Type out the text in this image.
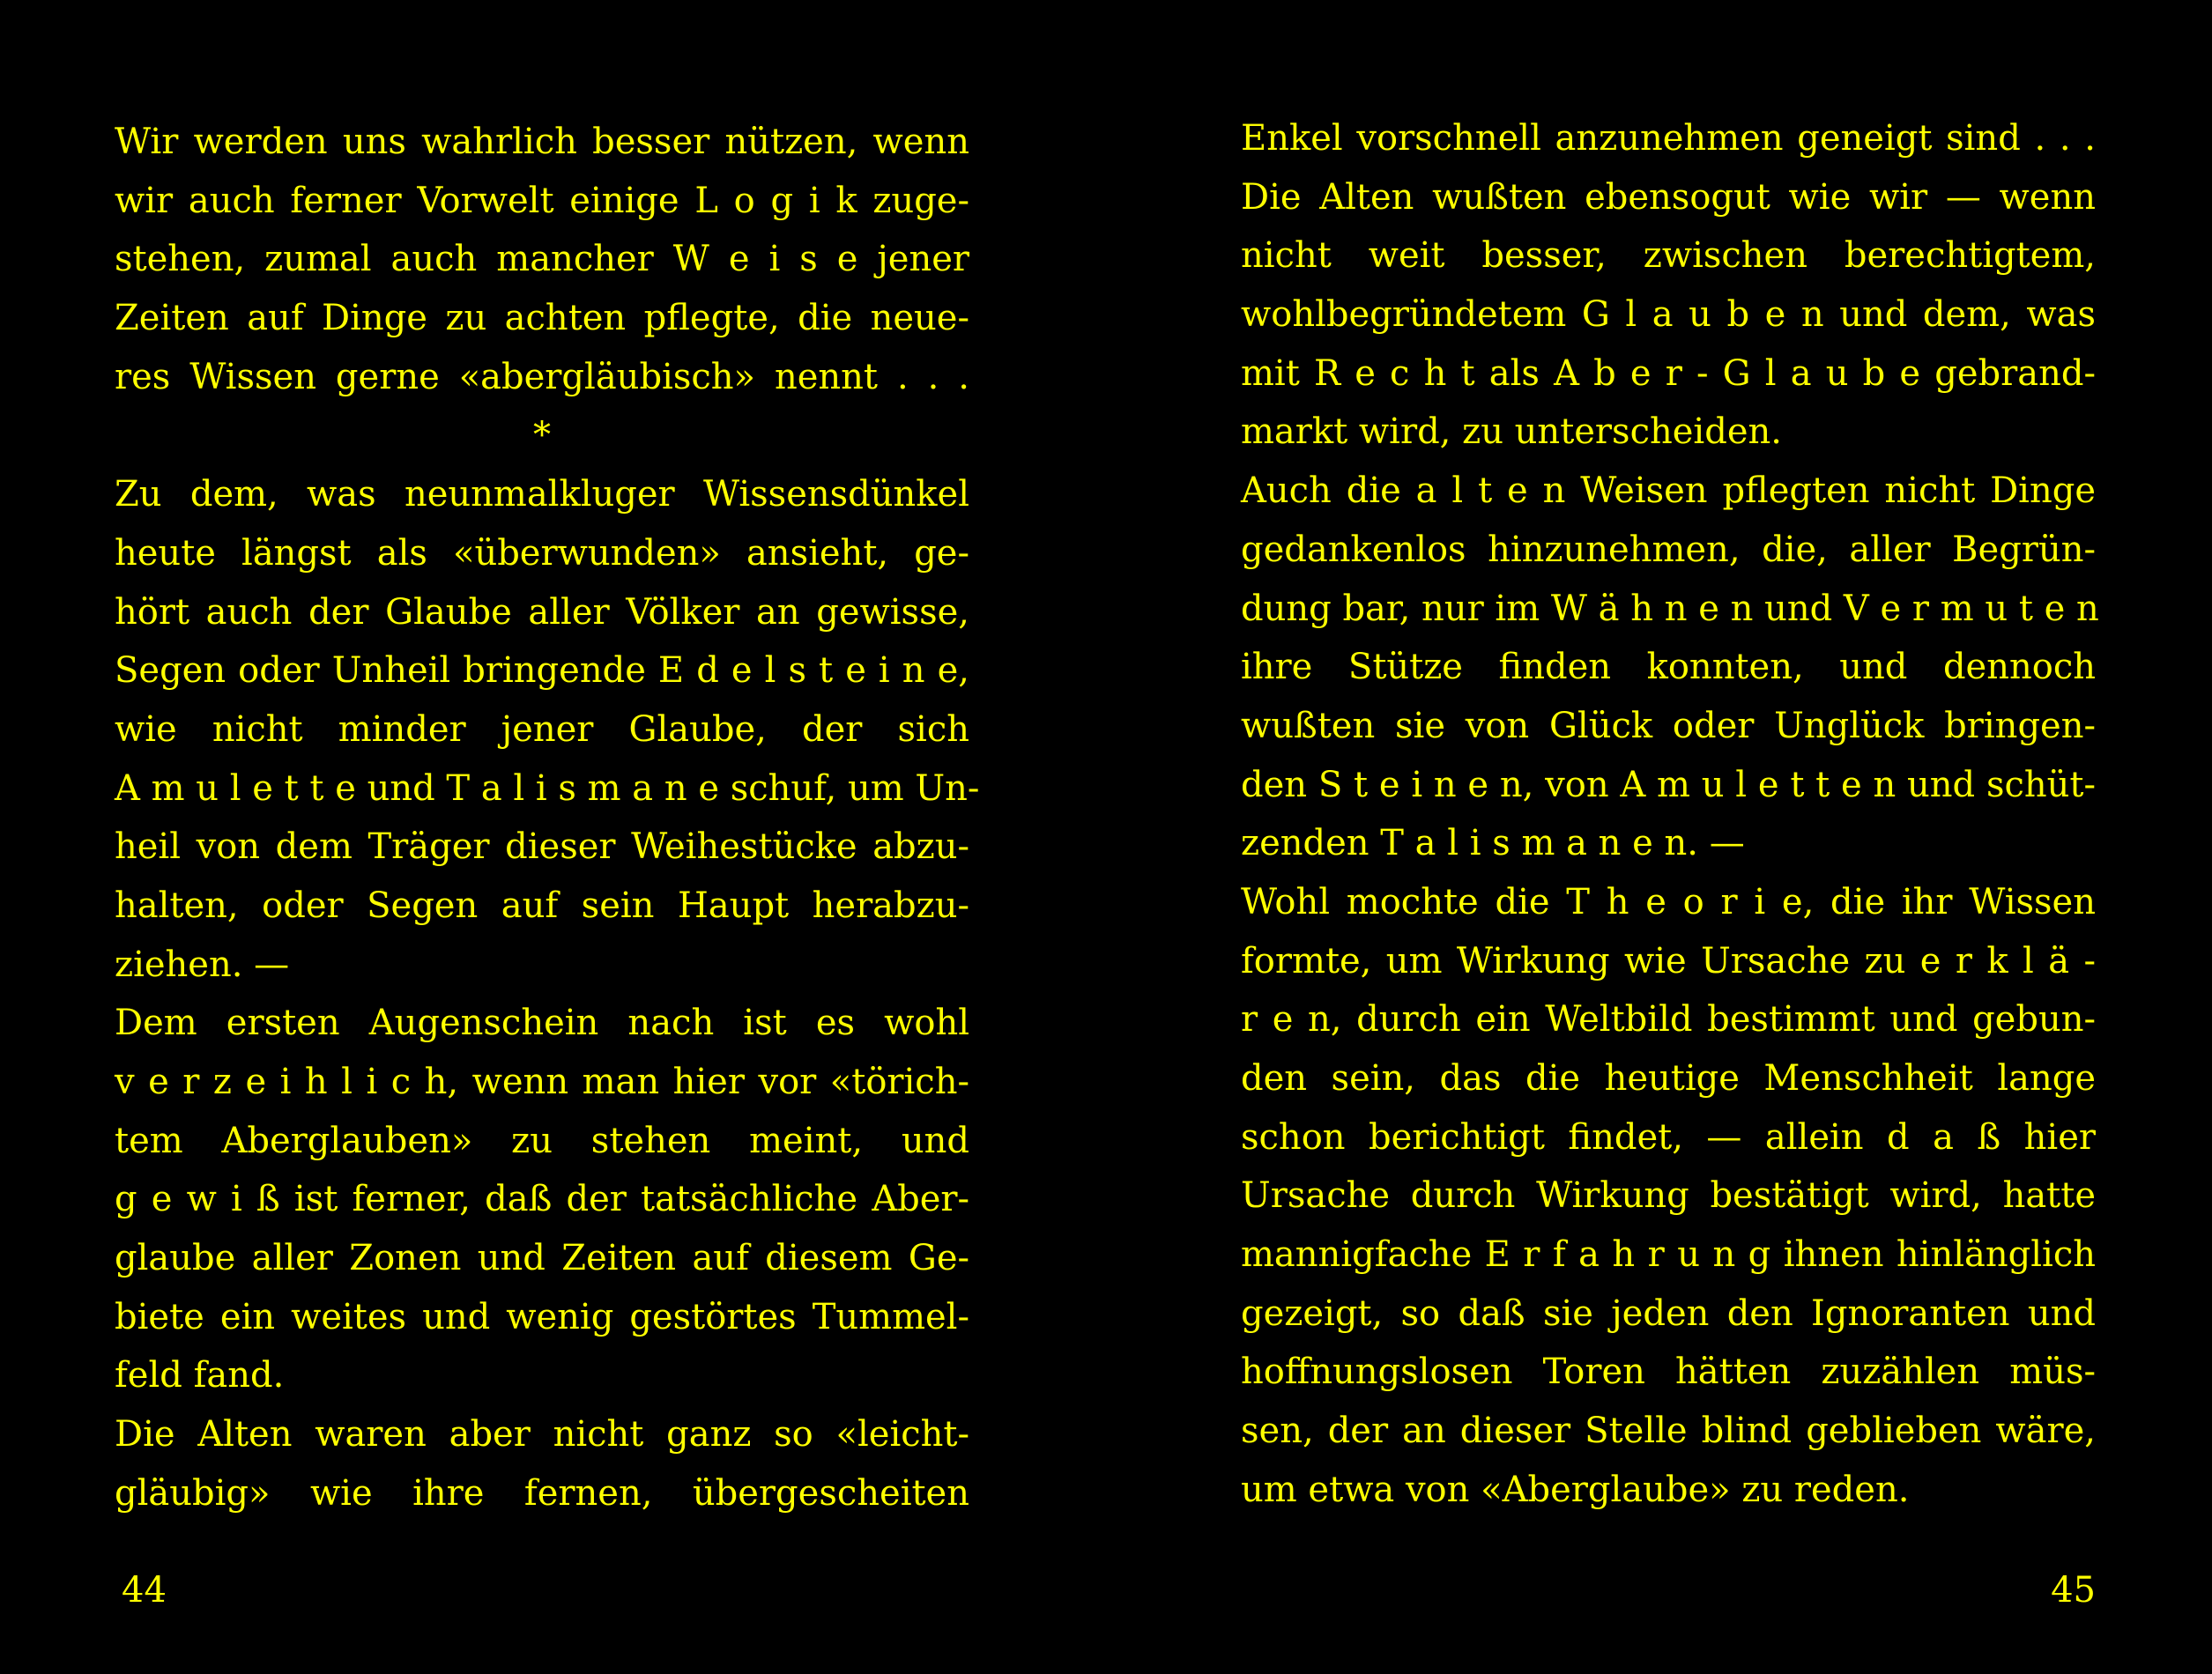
Wir werden uns wahrlich besser nützen, wenn
wir auch ferner Vorwelt einige L o g i k zuge-
stehen, zumal auch mancher W e i s e jener
Zeiten auf Dinge zu achten pflegte, die neue-
res Wissen gerne «abergläubisch» nennt . . .
*
Zu dem, was neunmalkluger Wissensdünkel
heute längst als «überwunden» ansieht, ge-
hört auch der Glaube aller Völker an gewisse,
Segen oder Unheil bringende E d e l s t e i n e,
wie nicht minder jener Glaube, der sich
A m u l e t t e und T a l i s m a n e schuf, um Un-
heil von dem Träger dieser Weihestücke abzu-
halten, oder Segen auf sein Haupt herabzu-
ziehen. —
Dem ersten Augenschein nach ist es wohl
v e r z e i h l i c h, wenn man hier vor «törich-
tem Aberglauben» zu stehen meint, und
g e w i ß ist ferner, daß der tatsächliche Aber-
glaube aller Zonen und Zeiten auf diesem Ge-
biete ein weites und wenig gestörtes Tummel-
feld fand.
Die Alten waren aber nicht ganz so «leicht-
gläubig» wie ihre fernen, übergescheiten
44
Enkel vorschnell anzunehmen geneigt sind . . .
Die Alten wußten ebensogut wie wir — wenn
nicht weit besser, zwischen berechtigtem,
wohlbegründetem G l a u b e n und dem, was
mit R e c h t als A b e r - G l a u b e gebrand-
markt wird, zu unterscheiden.
Auch die a l t e n Weisen pflegten nicht Dinge
gedankenlos hinzunehmen, die, aller Begrün-
dung bar, nur im W ä h n e n und V e r m u t e n
ihre Stütze finden konnten, und dennoch
wußten sie von Glück oder Unglück bringen-
den S t e i n e n, von A m u l e t t e n und schüt-
zenden T a l i s m a n e n. —
Wohl mochte die T h e o r i e, die ihr Wissen
formte, um Wirkung wie Ursache zu e r k l ä -
r e n, durch ein Weltbild bestimmt und gebun-
den sein, das die heutige Menschheit lange
schon berichtigt findet, — allein d a ß hier
Ursache durch Wirkung bestätigt wird, hatte
mannigfache E r f a h r u n g ihnen hinlänglich
gezeigt, so daß sie jeden den Ignoranten und
hoffnungslosen Toren hätten zuzählen müs-
sen, der an dieser Stelle blind geblieben wäre,
um etwa von «Aberglaube» zu reden.
45
